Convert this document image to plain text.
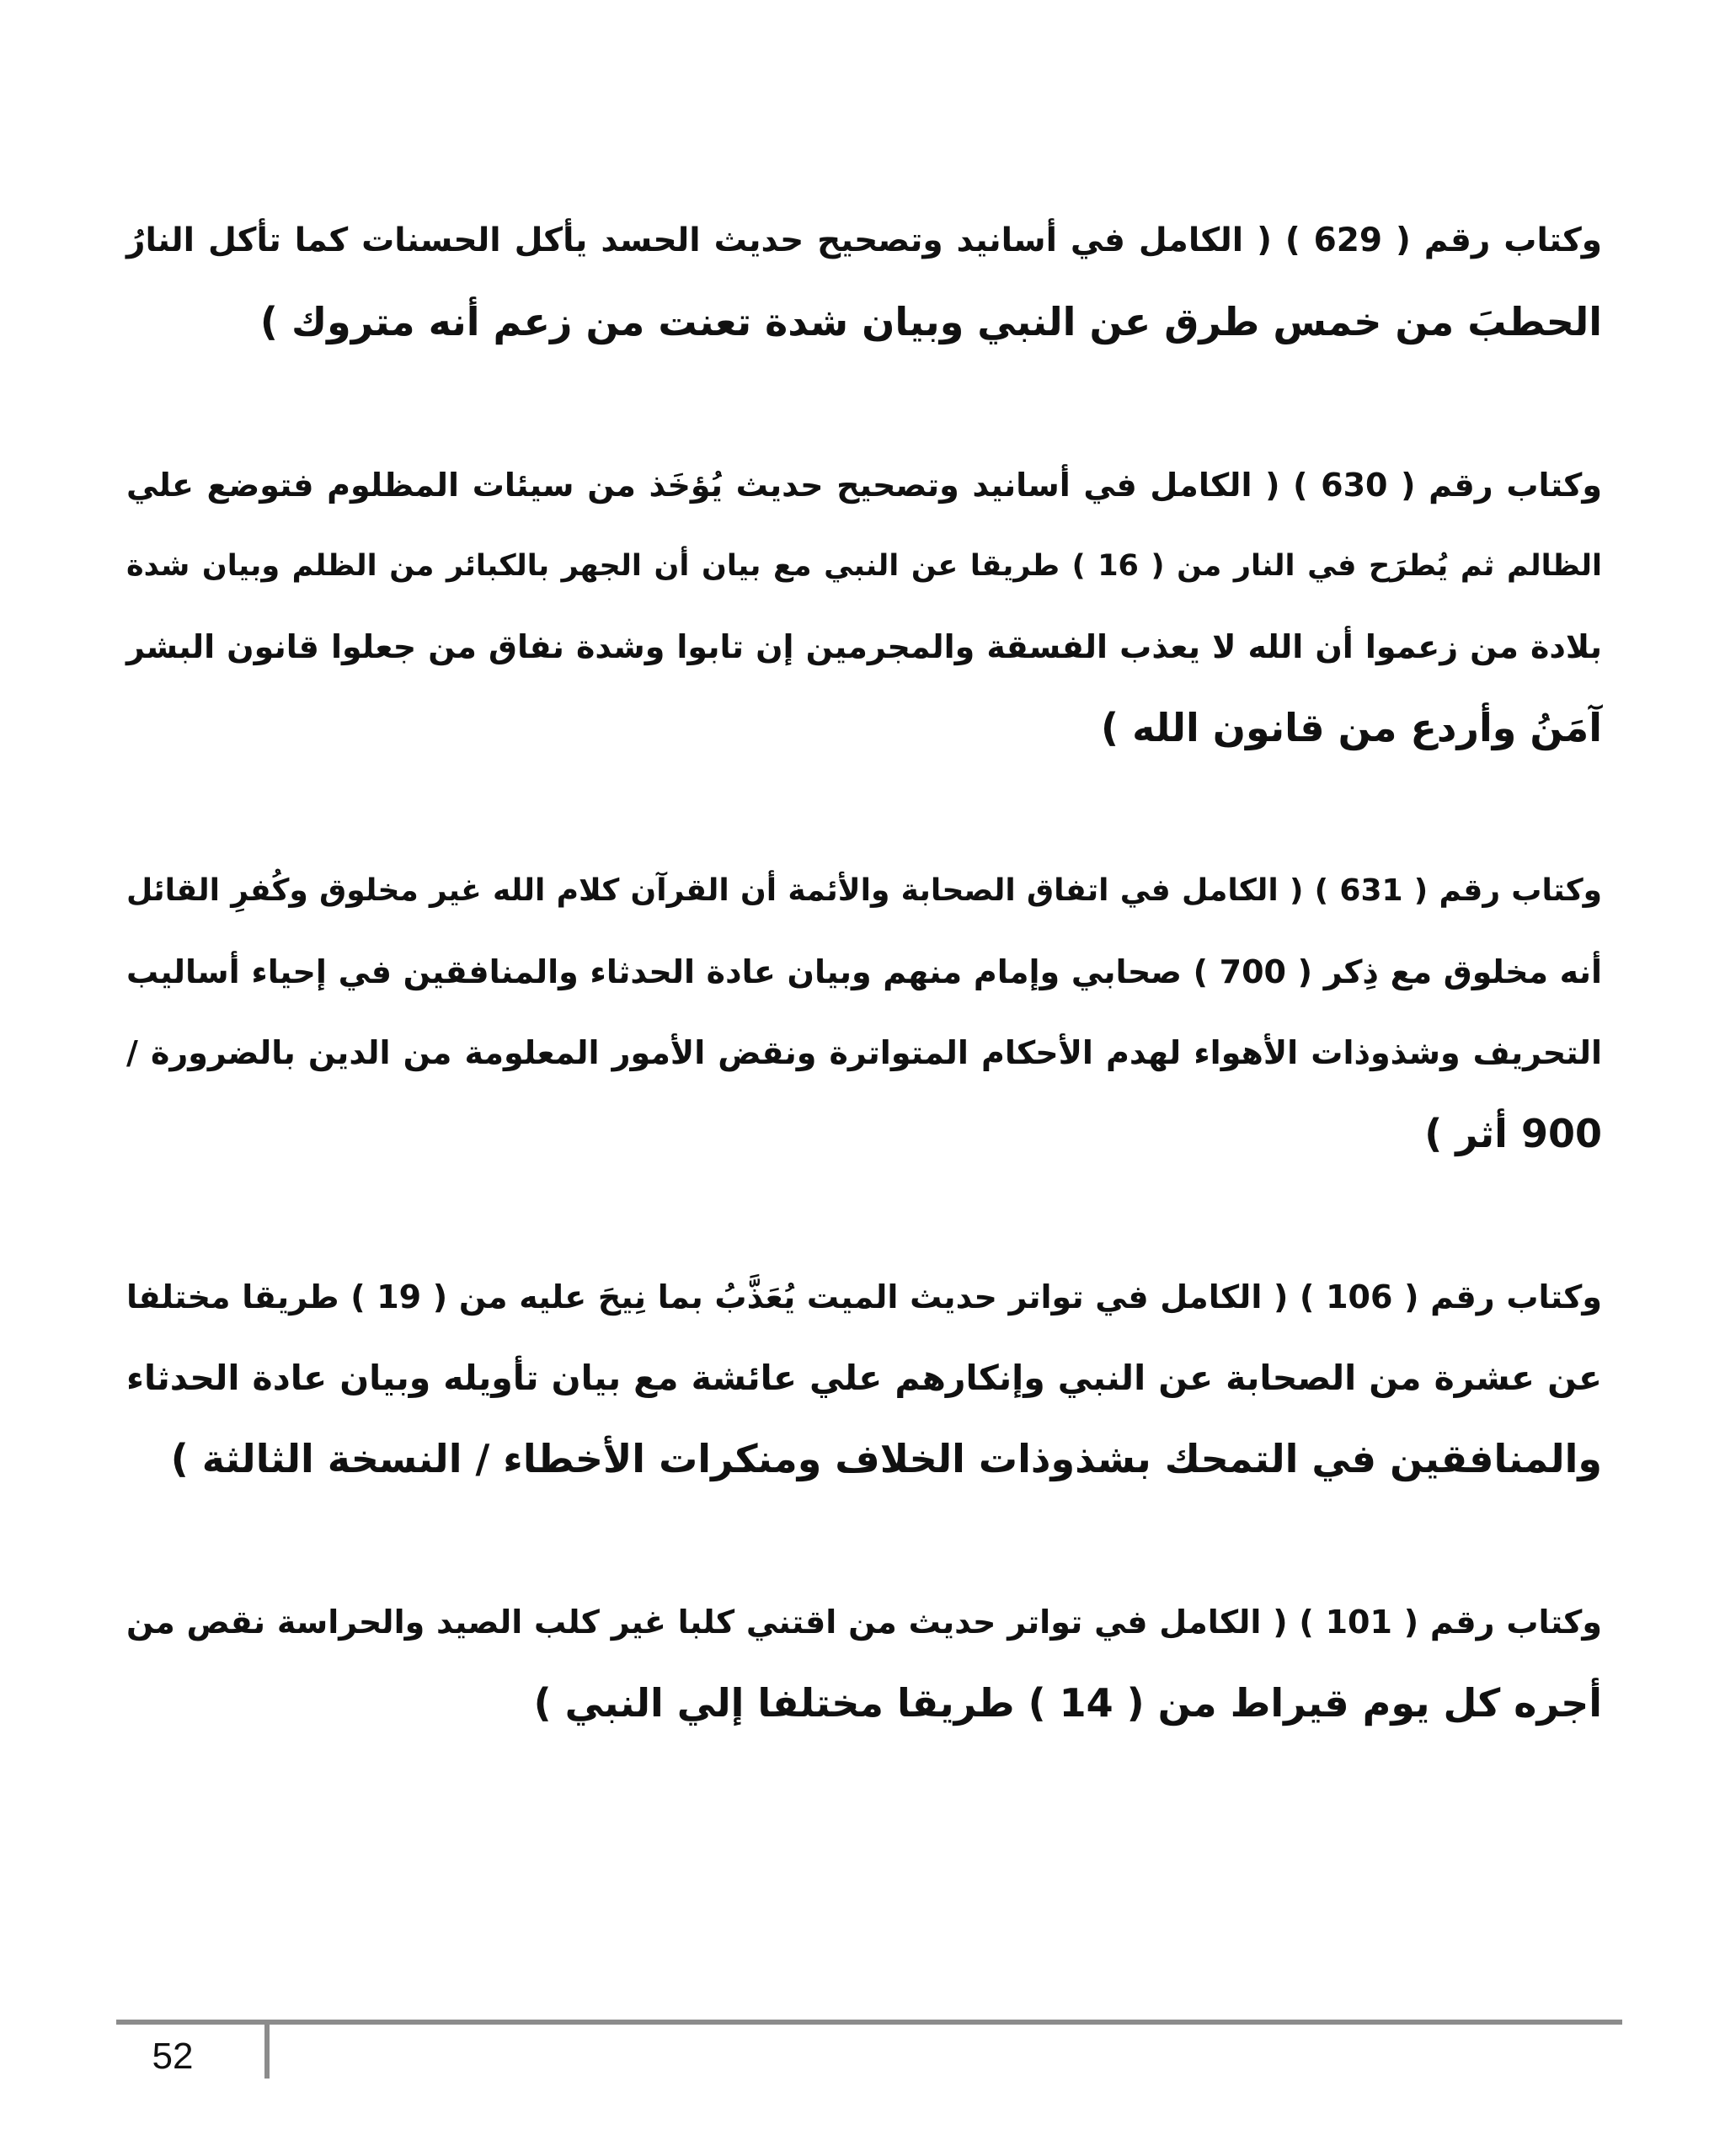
وكتاب رقم ( 629 ) ( الكامل في أسانيد وتصحيح حديث الحسد يأكل الحسنات كما تأكل النارُ
الحطبَ من خمس طرق عن النبي وبيان شدة تعنت من زعم أنه متروك )
وكتاب رقم ( 630 ) ( الكامل في أسانيد وتصحيح حديث يُؤخَذ من سيئات المظلوم فتوضع علي
الظالم ثم يُطرَح في النار من ( 16 ) طريقا عن النبي مع بيان أن الجهر بالكبائر من الظلم وبيان شدة
بلادة من زعموا أن الله لا يعذب الفسقة والمجرمين إن تابوا وشدة نفاق من جعلوا قانون البشر
آمَنُ وأردع من قانون الله )
وكتاب رقم ( 631 ) ( الكامل في اتفاق الصحابة والأئمة أن القرآن كلام الله غير مخلوق وكُفرِ القائل
أنه مخلوق مع ذِكر ( 700 ) صحابي وإمام منهم وبيان عادة الحدثاء والمنافقين في إحياء أساليب
التحريف وشذوذات الأهواء لهدم الأحكام المتواترة ونقض الأمور المعلومة من الدين بالضرورة /
900 أثر )
وكتاب رقم ( 106 ) ( الكامل في تواتر حديث الميت يُعَذَّبُ بما نِيحَ عليه من ( 19 ) طريقا مختلفا
عن عشرة من الصحابة عن النبي وإنكارهم علي عائشة مع بيان تأويله وبيان عادة الحدثاء
والمنافقين في التمحك بشذوذات الخلاف ومنكرات الأخطاء / النسخة الثالثة )
وكتاب رقم ( 101 ) ( الكامل في تواتر حديث من اقتني كلبا غير كلب الصيد والحراسة نقص من
أجره كل يوم قيراط من ( 14 ) طريقا مختلفا إلي النبي )
52
